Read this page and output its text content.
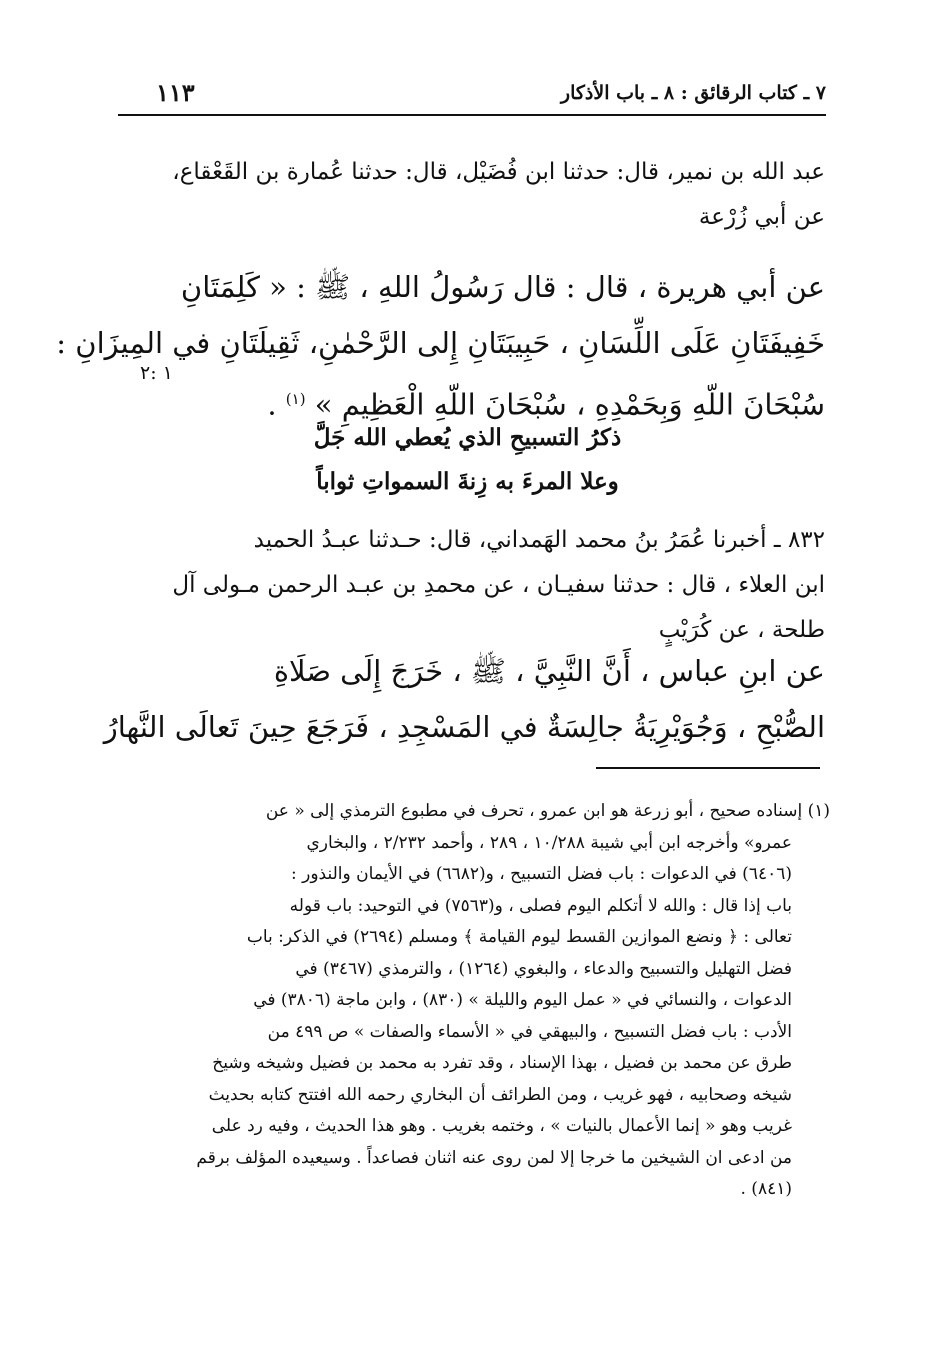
٧ ـ كتاب الرقائق : ٨ ـ باب الأذكار
١١٣
عبد الله بن نمير، قال: حدثنا ابن فُضَيْل، قال: حدثنا عُمارة بن القَعْقاع،
عن أبي زُرْعة
عن أبي هريرة ، قال : قال رَسُولُ اللهِ ، ﷺ : « كَلِمَتَانِ
خَفِيفَتَانِ عَلَى اللِّسَانِ ، حَبِيبَتَانِ إِلى الرَّحْمٰنِ، ثَقِيلَتَانِ في المِيزَانِ :
سُبْحَانَ اللّهِ وَبِحَمْدِهِ ، سُبْحَانَ اللّهِ الْعَظِيمِ » $^{(١)}$ .
١ :٢
ذكرُ التسبيحِ الذي يُعطي الله جَلَّ
وعلا المرءَ به زِنةَ السمواتِ ثواباً
٨٣٢ ـ أخبرنا عُمَرُ بنُ محمد الهَمداني، قال: حـدثنا عبـدُ الحميد
ابن العلاء ، قال : حدثنا سفيـان ، عن محمدِ بن عبـد الرحمن مـولى آل
طلحة ، عن كُرَيْبٍ
عن ابنِ عباس ، أَنَّ النَّبِيَّ ، ﷺ ، خَرَجَ إِلَى صَلَاةِ
الصُّبْحِ ، وَجُوَيْرِيَةُ جالِسَةٌ في المَسْجِدِ ، فَرَجَعَ حِينَ تَعالَى النَّهارُ
(١) إسناده صحيح ، أبو زرعة هو ابن عمرو ، تحرف في مطبوع الترمذي إلى « عن
عمرو» وأخرجه ابن أبي شيبة ١٠/٢٨٨ ، ٢٨٩ ، وأحمد ٢/٢٣٢ ، والبخاري
(٦٤٠٦) في الدعوات : باب فضل التسبيح ، و(٦٦٨٢) في الأيمان والنذور :
باب إذا قال : والله لا أتكلم اليوم فصلى ، و(٧٥٦٣) في التوحيد: باب قوله
تعالى : ﴿ ونضع الموازين القسط ليوم القيامة ﴾ ومسلم (٢٦٩٤) في الذكر: باب
فضل التهليل والتسبيح والدعاء ، والبغوي (١٢٦٤) ، والترمذي (٣٤٦٧) في
الدعوات ، والنسائي في « عمل اليوم والليلة » (٨٣٠) ، وابن ماجة (٣٨٠٦) في
الأدب : باب فضل التسبيح ، والبيهقي في « الأسماء والصفات » ص ٤٩٩ من
طرق عن محمد بن فضيل ، بهذا الإسناد ، وقد تفرد به محمد بن فضيل وشيخه وشيخ
شيخه وصحابيه ، فهو غريب ، ومن الطرائف أن البخاري رحمه الله افتتح كتابه بحديث
غريب وهو « إنما الأعمال بالنيات » ، وختمه بغريب . وهو هذا الحديث ، وفيه رد على
من ادعى ان الشيخين ما خرجا إلا لمن روى عنه اثنان فصاعداً . وسيعيده المؤلف برقم
(٨٤١) .
